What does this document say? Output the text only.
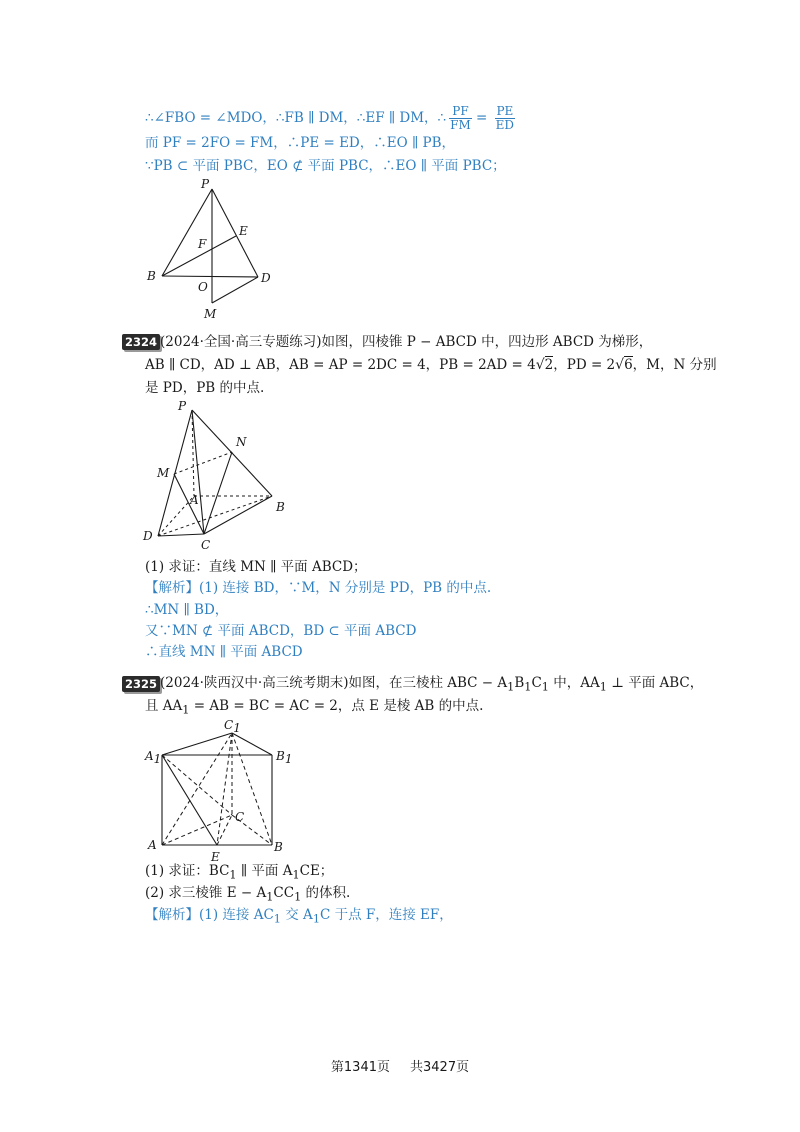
∴∠FBO = ∠MDO，∴FB ∥ DM，∴EF ∥ DM，∴ $\frac{PF}{FM} = \frac{PE}{ED}$
而 PF = 2FO = FM，∴PE = ED，∴EO ∥ PB，
∵PB ⊂ 平面 PBC，EO ⊄ 平面 PBC，∴EO ∥ 平面 PBC；
P
E
F
B
O
D
M
2324 (2024·全国·高三专题练习)如图，四棱锥 P − ABCD 中，四边形 ABCD 为梯形，
AB ∥ CD，AD ⊥ AB，AB = AP = 2DC = 4，PB = 2AD = 4√2，PD = 2√6，M，N 分别
是 PD，PB 的中点.
P
N
M
A	B
D
C
(1) 求证：直线 MN ∥ 平面 ABCD；
【解析】(1) 连接 BD，∵M，N 分别是 PD，PB 的中点.
∴MN ∥ BD，
又∵MN ⊄ 平面 ABCD，BD ⊂ 平面 ABCD
∴直线 MN ∥ 平面 ABCD
2325 (2024·陕西汉中·高三统考期末)如图，在三棱柱 ABC − $A_1B_1C_1$ 中，$AA_1$ ⊥ 平面 ABC，
且 $AA_1$ = AB = BC = AC = 2，点 E 是棱 AB 的中点.
C1
A1	B1
C
A	B
E
(1) 求证：$BC_1$ ∥ 平面 $A_1CE$；
(2) 求三棱锥 $E - A_1CC_1$ 的体积.
【解析】(1) 连接 $AC_1$ 交 $A_1C$ 于点 F，连接 EF，
第1341页 共3427页
